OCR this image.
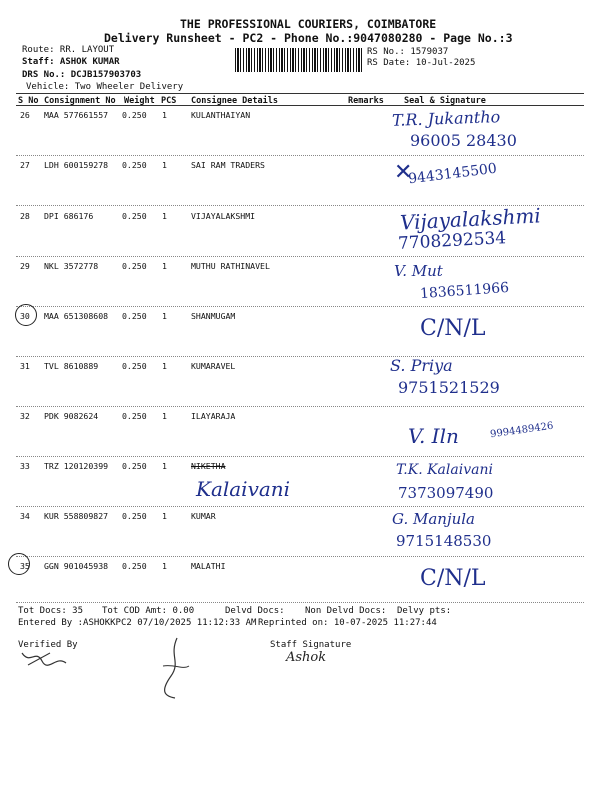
THE PROFESSIONAL COURIERS, COIMBATORE
Delivery Runsheet - PC2 - Phone No.:9047080280 - Page No.:3
Route: RR. LAYOUT
Staff: ASHOK KUMAR
DRS No.: DCJB157903703
Vehicle: Two Wheeler Delivery
RS No.: 1579037
RS Date: 10-Jul-2025
S No Consignment No Weight PCS Consignee Details	Remarks Seal & Signature
26 MAA 577661557 0.250 1	KULANTHAIYAN	T.R. Jukantho
96005 28430
27 LDH 600159278 0.250 1	SAI RAM TRADERS	✕
9443145500
28 DPI 686176	0.250 1	VIJAYALAKSHMI	Vijayalakshmi
7708292534
29 NKL 3572778	0.250 1	MUTHU RATHINAVEL	V. Mut
1836511966
30 MAA 651308608 0.250 1	SHANMUGAM	C/N/L
31 TVL 8610889	0.250 1	KUMARAVEL	S. Priya
9751521529
32 PDK 9082624	0.250 1	ILAYARAJA
V. Iln	9994489426
33 TRZ 120120399 0.250 1	NIKETHA
Kalaivani
T.K. Kalaivani
7373097490
34 KUR 558809827 0.250 1	KUMAR	G. Manjula
9715148530
35 GGN 901045938 0.250 1	MALATHI	C/N/L
Tot Docs: 35 Tot COD Amt: 0.00	Delvd Docs: Non Delvd Docs: Delvy pts:
Entered By :ASHOKKPC2 07/10/2025 11:12:33 AM Reprinted on: 10-07-2025 11:27:44
Verified By	Staff Signature
Ashok
